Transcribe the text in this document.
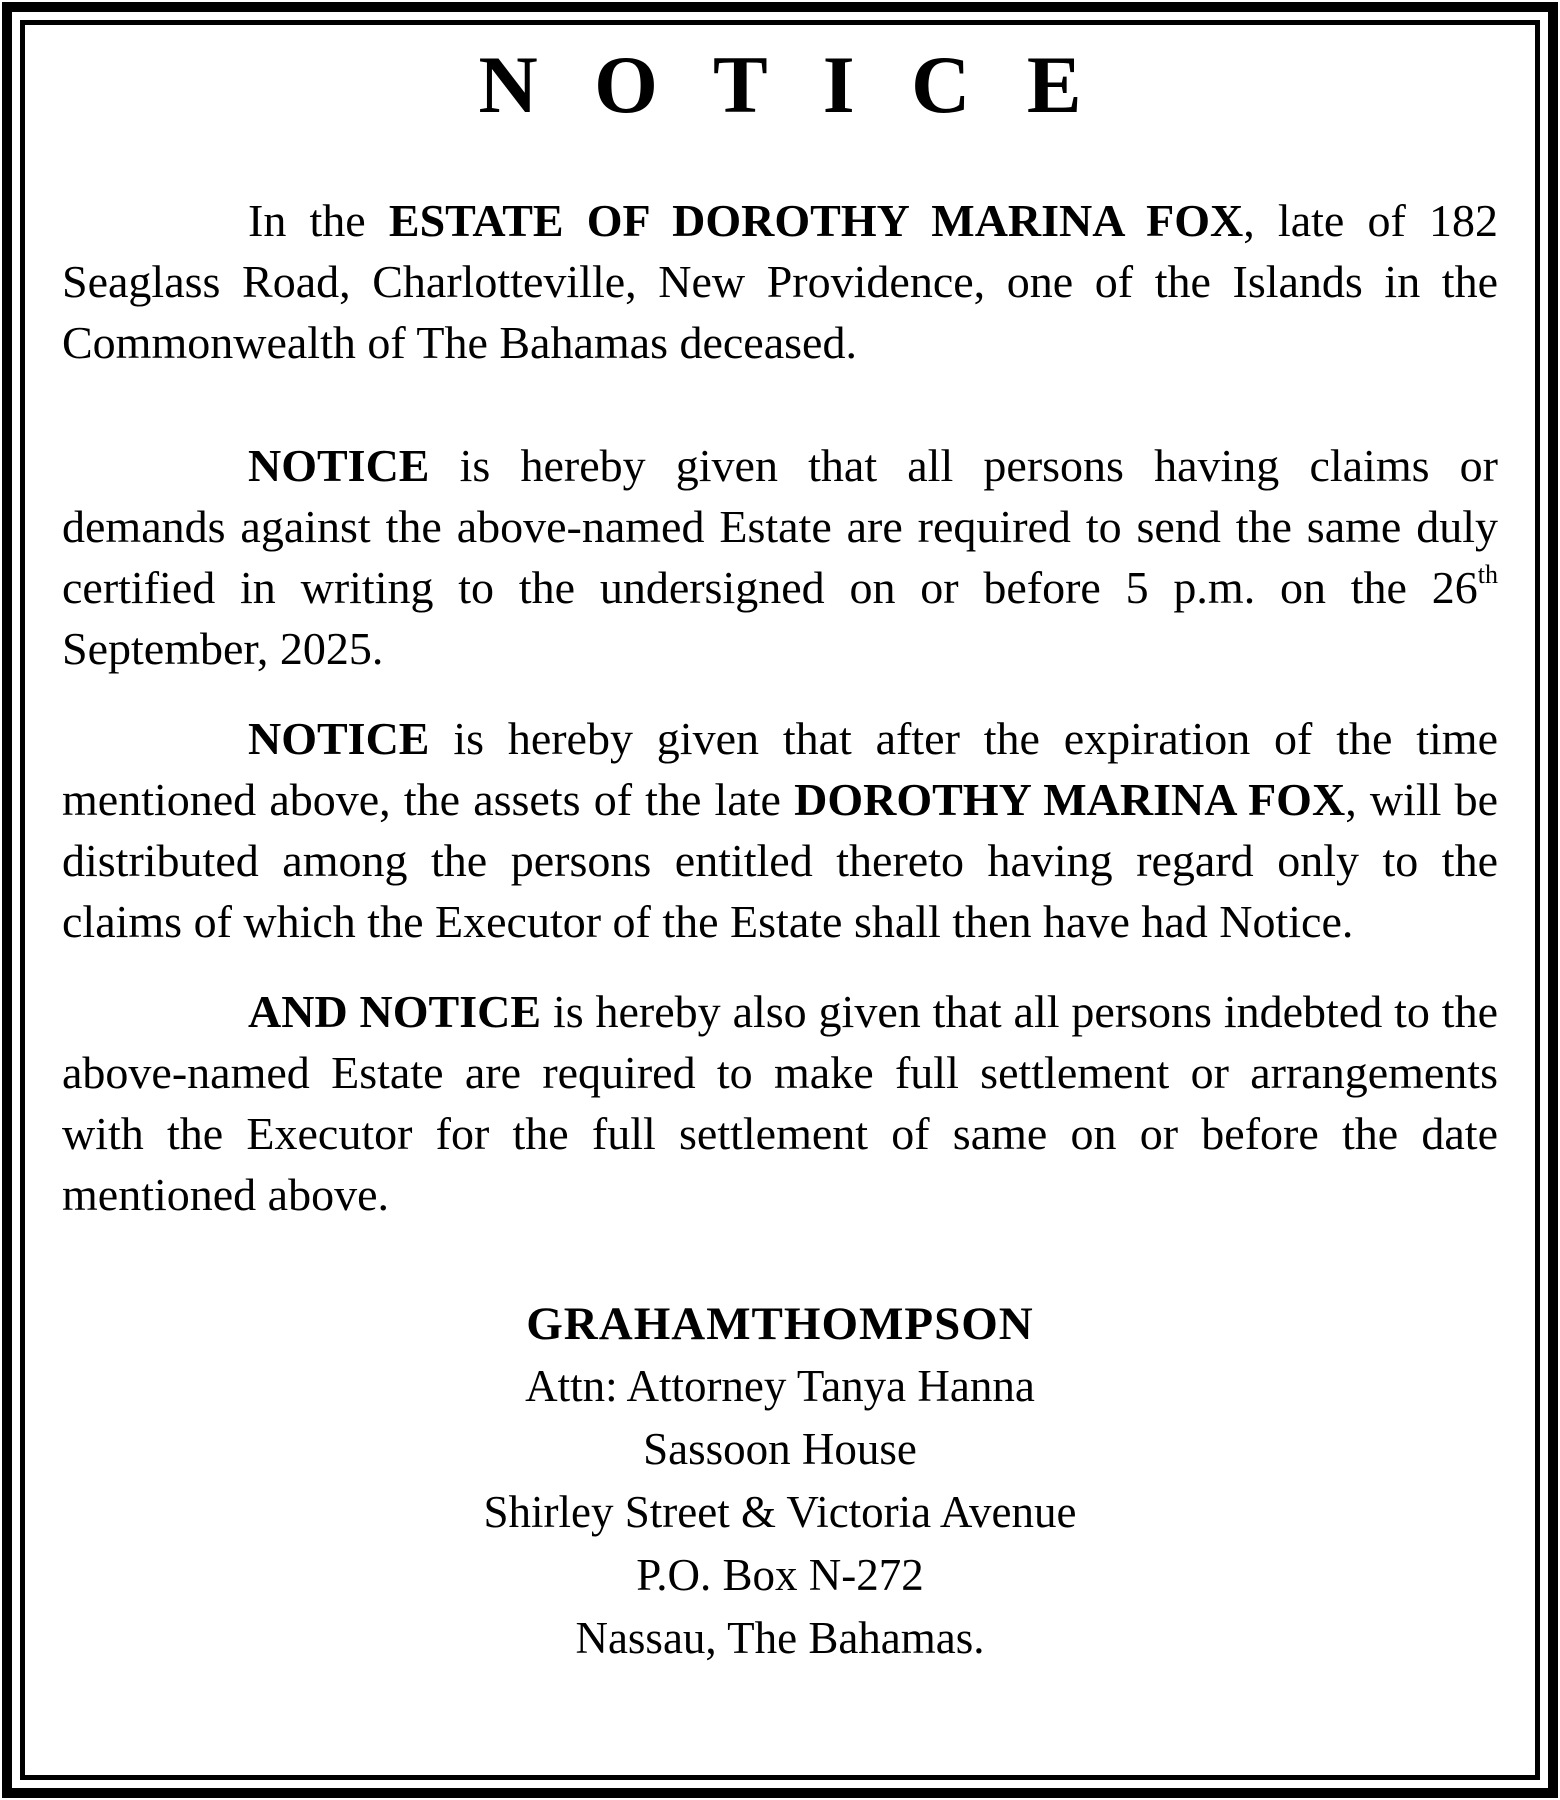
N O T I C E

In the ESTATE OF DOROTHY MARINA FOX, late of 182 Seaglass Road, Charlotteville, New Providence, one of the Islands in the Commonwealth of The Bahamas deceased.

NOTICE is hereby given that all persons having claims or demands against the above-named Estate are required to send the same duly certified in writing to the undersigned on or before 5 p.m. on the 26th September, 2025.

NOTICE is hereby given that after the expiration of the time mentioned above, the assets of the late DOROTHY MARINA FOX, will be distributed among the persons entitled thereto having regard only to the claims of which the Executor of the Estate shall then have had Notice.

AND NOTICE is hereby also given that all persons indebted to the above-named Estate are required to make full settlement or arrangements with the Executor for the full settlement of same on or before the date mentioned above.

GRAHAMTHOMPSON
Attn: Attorney Tanya Hanna
Sassoon House
Shirley Street & Victoria Avenue
P.O. Box N-272
Nassau, The Bahamas.
